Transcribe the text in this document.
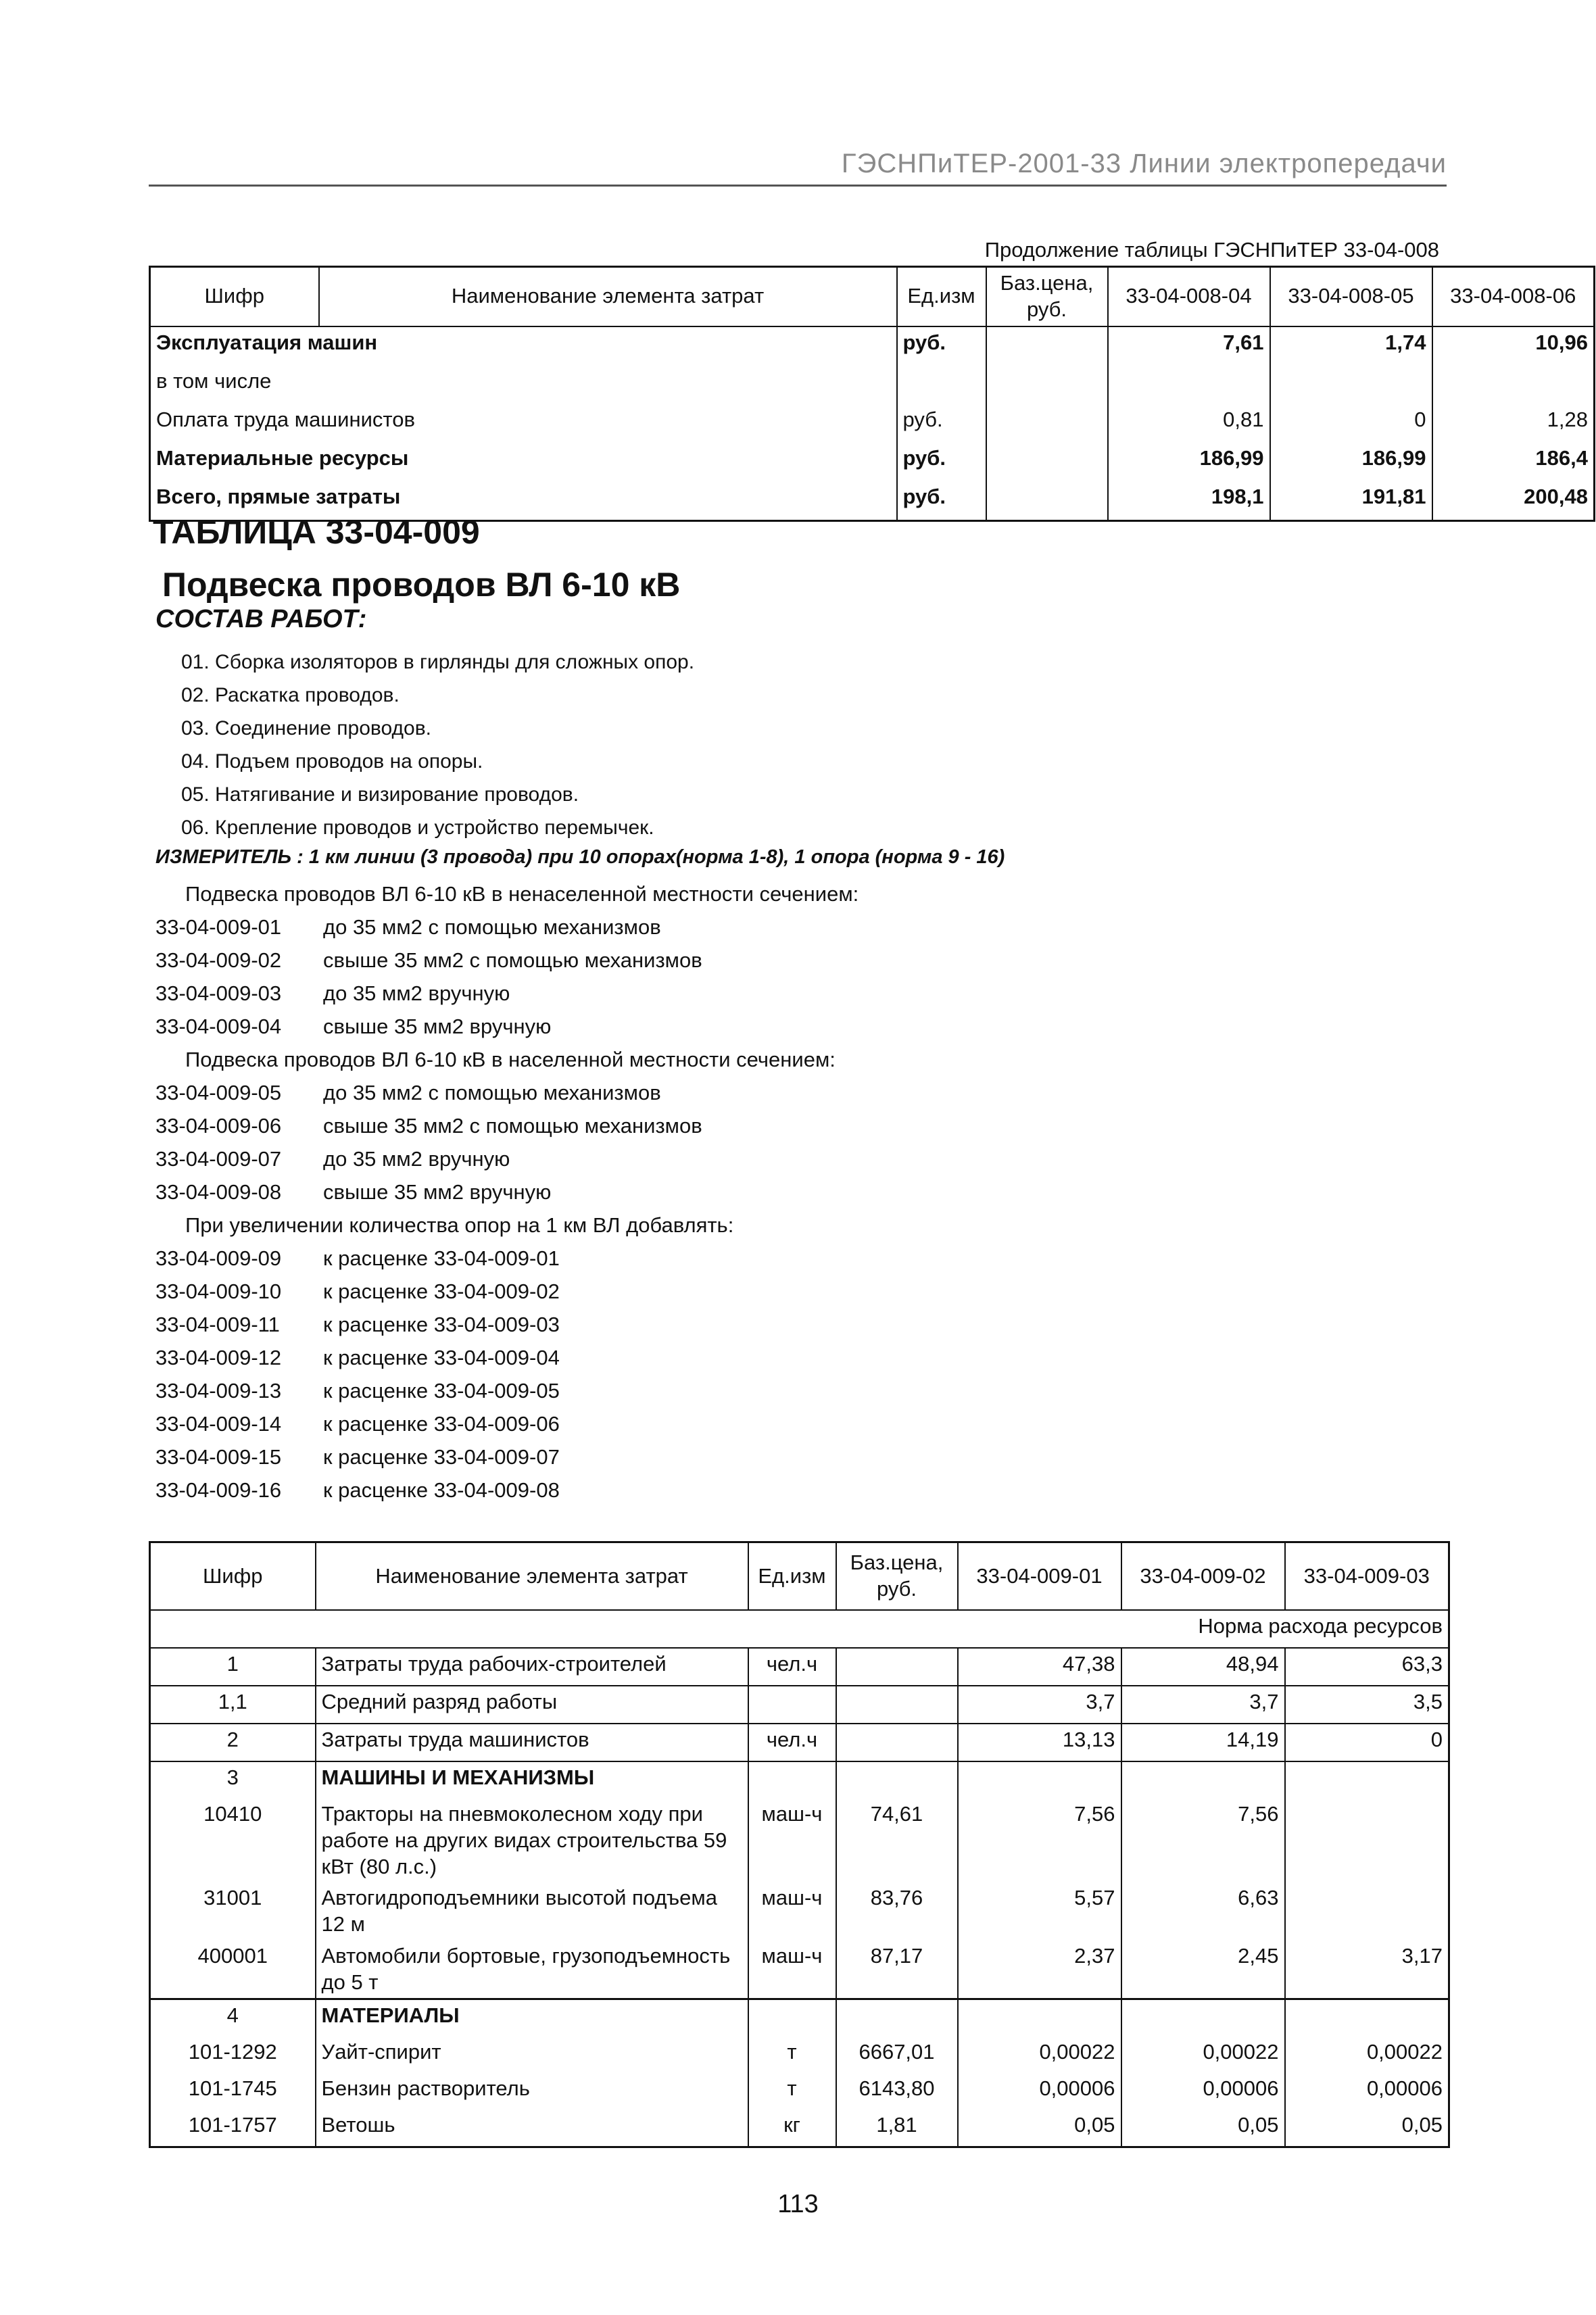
ГЭСНПиТЕР-2001-33 Линии электропередачи
Продолжение таблицы ГЭСНПиТЕР 33-04-008
Шифр	Наименование элемента затрат	Ед.изм	Баз.цена, руб.	33-04-008-04	33-04-008-05	33-04-008-06
Эксплуатация машин		руб.		7,61	1,74	10,96
в том числе						
Оплата труда машинистов		руб.		0,81	0	1,28
Материальные ресурсы		руб.		186,99	186,99	186,4
Всего, прямые затраты		руб.		198,1	191,81	200,48
ТАБЛИЦА 33-04-009
Подвеска проводов ВЛ 6-10 кВ
СОСТАВ РАБОТ:
01. Сборка изоляторов в гирлянды для сложных опор.
02. Раскатка проводов.
03. Соединение проводов.
04. Подъем проводов на опоры.
05. Натягивание и визирование проводов.
06. Крепление проводов и устройство перемычек.
ИЗМЕРИТЕЛЬ : 1 км линии (3 провода) при 10 опорах(норма 1-8), 1 опора (норма 9 - 16)
Подвеска проводов ВЛ 6-10 кВ в ненаселенной местности сечением:
33-04-009-01	до 35 мм2 с помощью механизмов
33-04-009-02	свыше 35 мм2 с помощью механизмов
33-04-009-03	до 35 мм2 вручную
33-04-009-04	свыше 35 мм2 вручную
Подвеска проводов ВЛ 6-10 кВ в населенной местности сечением:
33-04-009-05	до 35 мм2 с помощью механизмов
33-04-009-06	свыше 35 мм2 с помощью механизмов
33-04-009-07	до 35 мм2 вручную
33-04-009-08	свыше 35 мм2 вручную
При увеличении количества опор на 1 км ВЛ добавлять:
33-04-009-09	к расценке 33-04-009-01
33-04-009-10	к расценке 33-04-009-02
33-04-009-11	к расценке 33-04-009-03
33-04-009-12	к расценке 33-04-009-04
33-04-009-13	к расценке 33-04-009-05
33-04-009-14	к расценке 33-04-009-06
33-04-009-15	к расценке 33-04-009-07
33-04-009-16	к расценке 33-04-009-08
Шифр	Наименование элемента затрат	Ед.изм	Баз.цена, руб.	33-04-009-01	33-04-009-02	33-04-009-03
Норма расхода ресурсов						
1	Затраты труда рабочих-строителей	чел.ч		47,38	48,94	63,3
1,1	Средний разряд работы			3,7	3,7	3,5
2	Затраты труда машинистов	чел.ч		13,13	14,19	0
3	МАШИНЫ И МЕХАНИЗМЫ					
10410	Тракторы на пневмоколесном ходу при работе на других видах строительства 59 кВт (80 л.с.)	маш-ч	74,61	7,56	7,56	
31001	Автогидроподъемники высотой подъема 12 м	маш-ч	83,76	5,57	6,63	
400001	Автомобили бортовые, грузоподъемность до 5 т	маш-ч	87,17	2,37	2,45	3,17
4	МАТЕРИАЛЫ					
101-1292	Уайт-спирит	т	6667,01	0,00022	0,00022	0,00022
101-1745	Бензин растворитель	т	6143,80	0,00006	0,00006	0,00006
101-1757	Ветошь	кг	1,81	0,05	0,05	0,05
113
